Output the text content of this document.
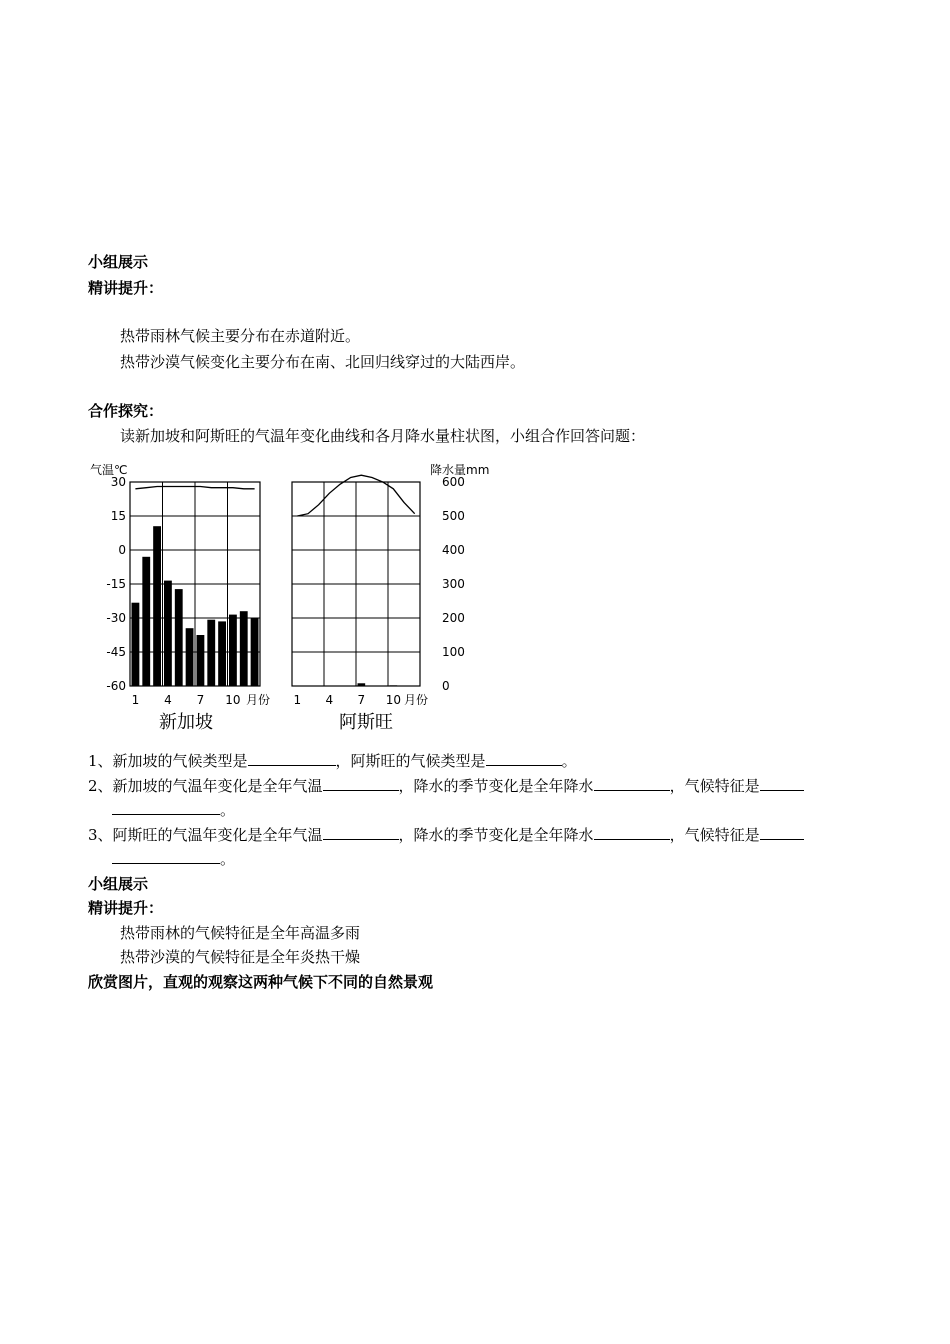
小组展示
精讲提升：
热带雨林气候主要分布在赤道附近。
热带沙漠气候变化主要分布在南、北回归线穿过的大陆西岸。
合作探究：
读新加坡和阿斯旺的气温年变化曲线和各月降水量柱状图，小组合作回答问题：
气温℃
30
15
0
-15
-30
-45
-60
1 4 7 10 月份
新加坡
降水量mm
600
500
400
300
200
100
0
1 4 7 10 月份
阿斯旺
1、新加坡的气候类型是	，阿斯旺的气候类型是	。
2、新加坡的气温年变化是全年气温	，降水的季节变化是全年降水	，气候特征是
。
3、阿斯旺的气温年变化是全年气温	，降水的季节变化是全年降水	，气候特征是
。
小组展示
精讲提升：
热带雨林的气候特征是全年高温多雨
热带沙漠的气候特征是全年炎热干燥
欣赏图片，直观的观察这两种气候下不同的自然景观
